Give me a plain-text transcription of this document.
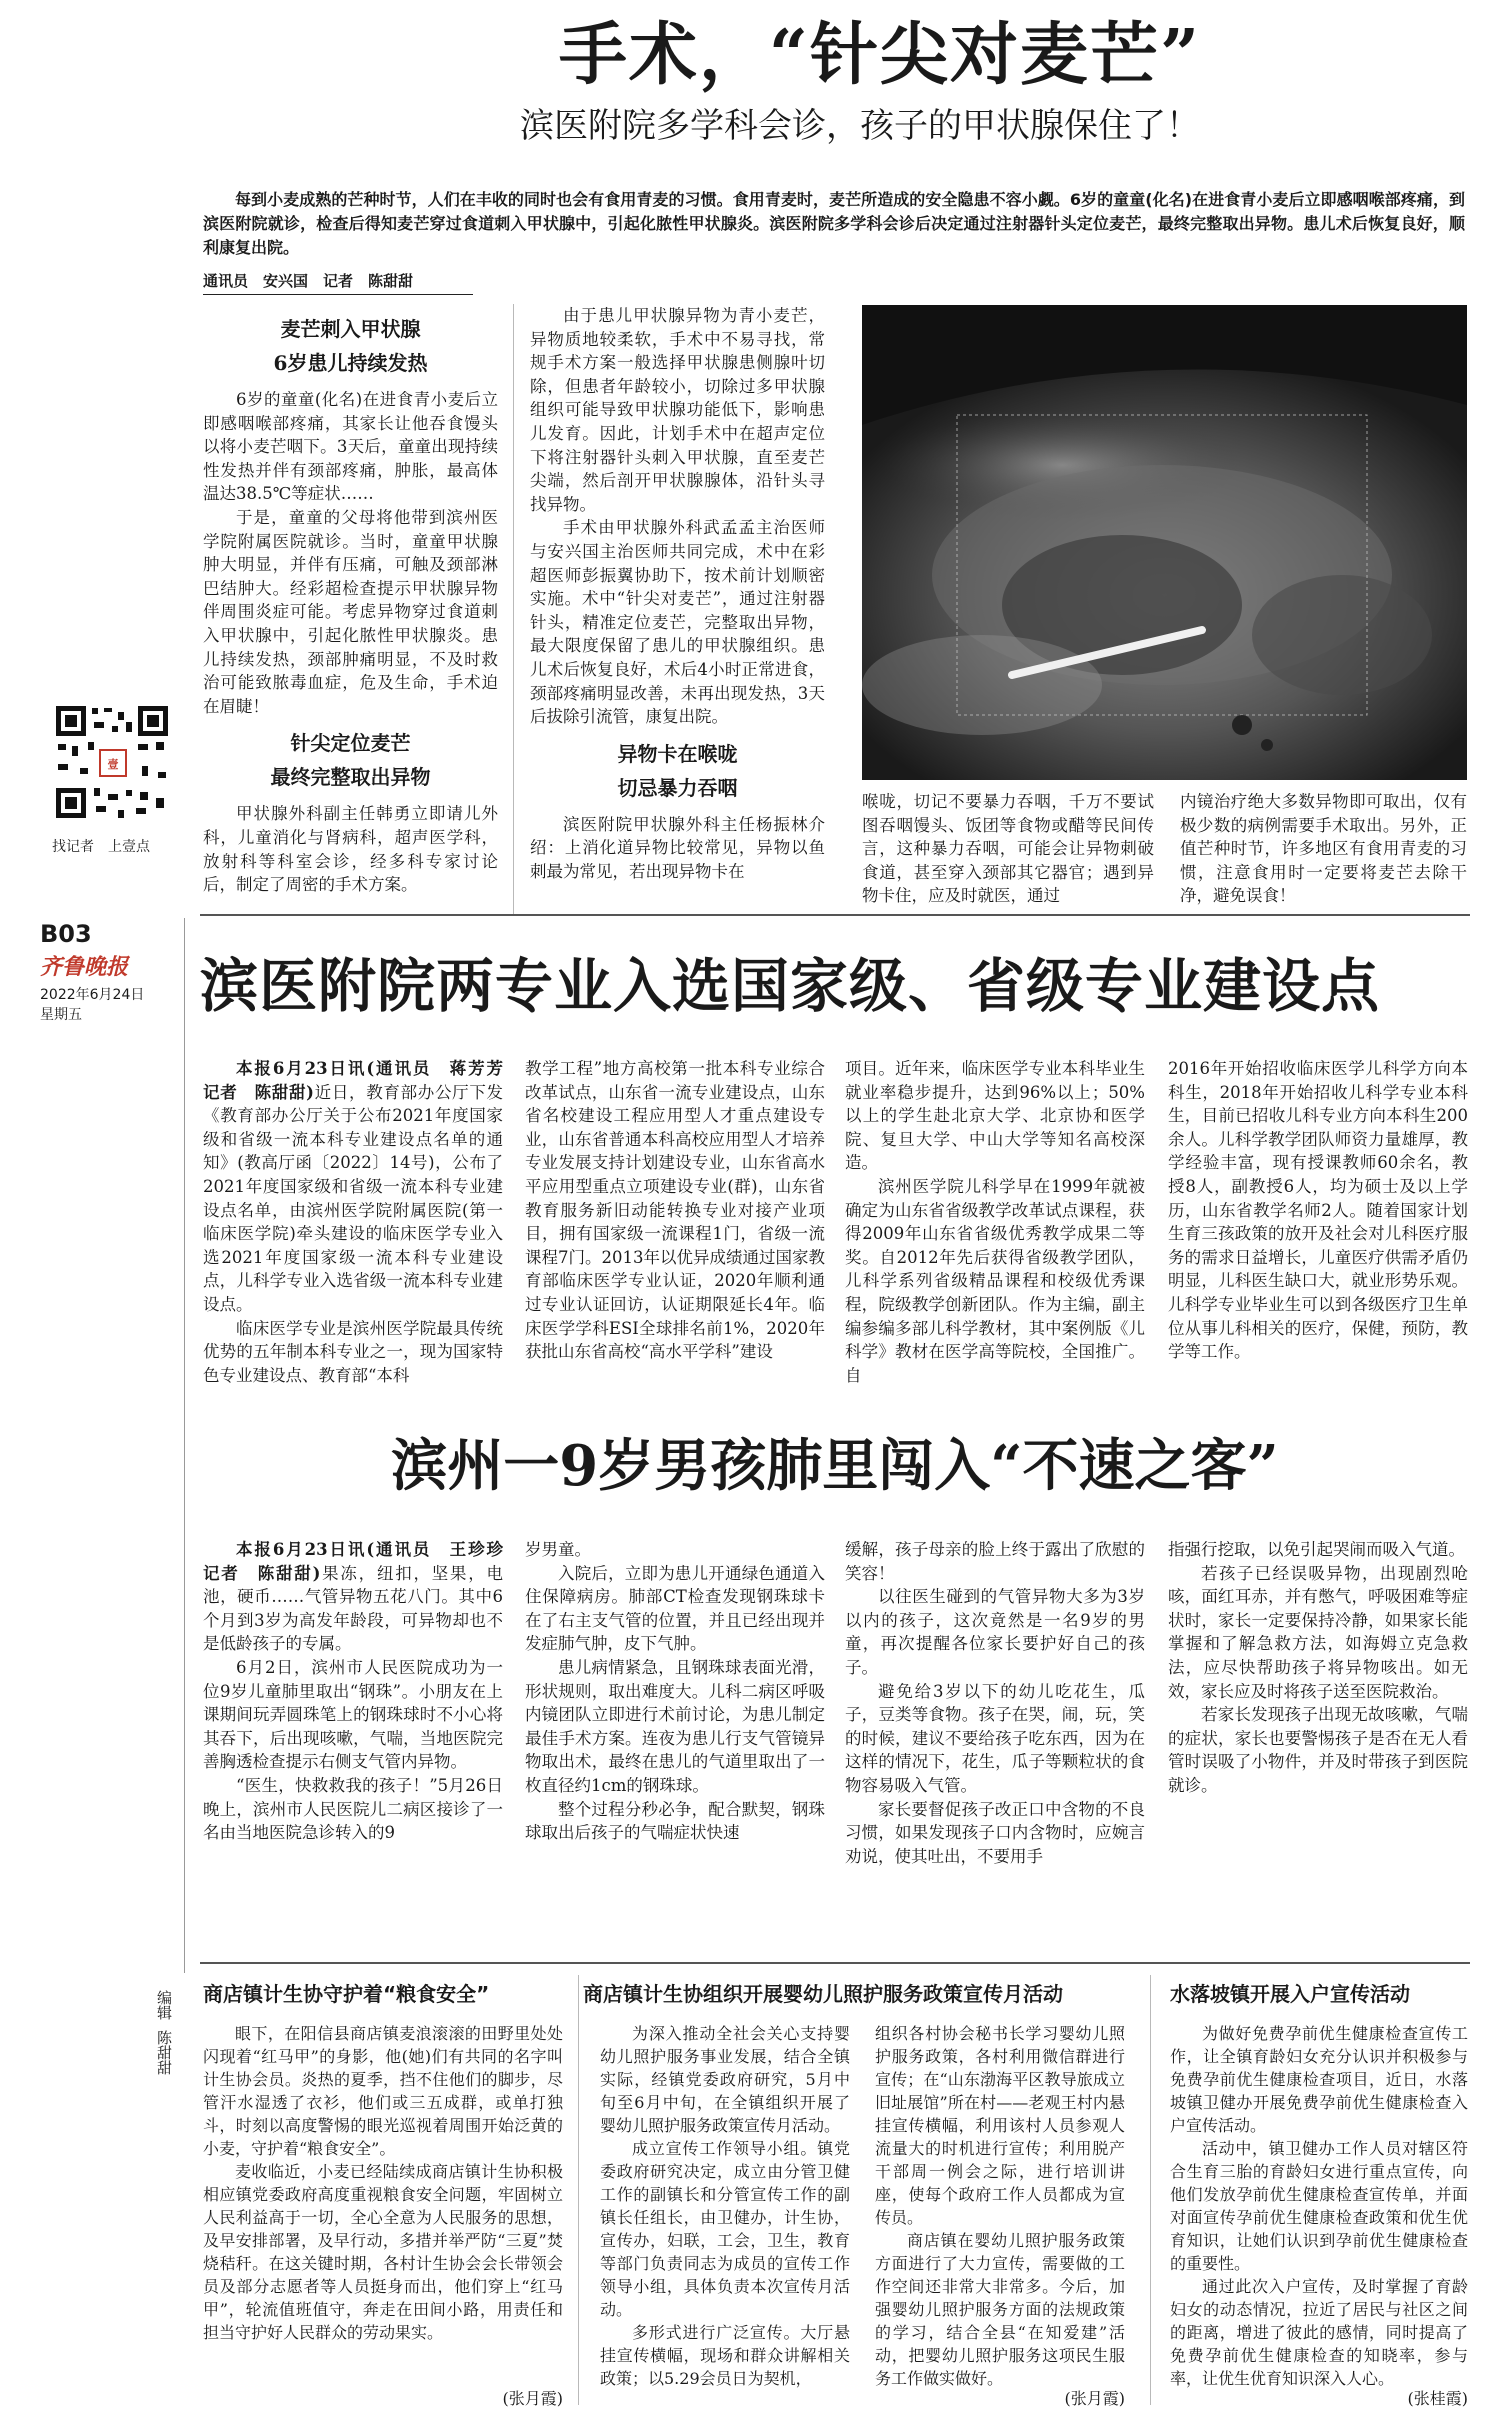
手术，“针尖对麦芒”
滨医附院多学科会诊，孩子的甲状腺保住了！

每到小麦成熟的芒种时节，人们在丰收的同时也会有食用青麦的习惯。食用青麦时，麦芒所造成的安全隐患不容小觑。6岁的童童(化名)在进食青小麦后立即感咽喉部疼痛，到滨医附院就诊，检查后得知麦芒穿过食道刺入甲状腺中，引起化脓性甲状腺炎。滨医附院多学科会诊后决定通过注射器针头定位麦芒，最终完整取出异物。患儿术后恢复良好，顺利康复出院。

通讯员　安兴国　记者　陈甜甜
麦芒刺入甲状腺
6岁患儿持续发热

6岁的童童(化名)在进食青小麦后立即感咽喉部疼痛，其家长让他吞食馒头以将小麦芒咽下。3天后，童童出现持续性发热并伴有颈部疼痛，肿胀，最高体温达38.5℃等症状……

于是，童童的父母将他带到滨州医学院附属医院就诊。当时，童童甲状腺肿大明显，并伴有压痛，可触及颈部淋巴结肿大。经彩超检查提示甲状腺异物伴周围炎症可能。考虑异物穿过食道刺入甲状腺中，引起化脓性甲状腺炎。患儿持续发热，颈部肿痛明显，不及时救治可能致脓毒血症，危及生命，手术迫在眉睫！

针尖定位麦芒
最终完整取出异物

甲状腺外科副主任韩勇立即请儿外科，儿童消化与肾病科，超声医学科，放射科等科室会诊，经多科专家讨论后，制定了周密的手术方案。

由于患儿甲状腺异物为青小麦芒，异物质地较柔软，手术中不易寻找，常规手术方案一般选择甲状腺患侧腺叶切除，但患者年龄较小，切除过多甲状腺组织可能导致甲状腺功能低下，影响患儿发育。因此，计划手术中在超声定位下将注射器针头刺入甲状腺，直至麦芒尖端，然后剖开甲状腺腺体，沿针头寻找异物。

手术由甲状腺外科武孟孟主治医师与安兴国主治医师共同完成，术中在彩超医师彭振翼协助下，按术前计划顺密实施。术中“针尖对麦芒”，通过注射器针头，精准定位麦芒，完整取出异物，最大限度保留了患儿的甲状腺组织。患儿术后恢复良好，术后4小时正常进食，颈部疼痛明显改善，未再出现发热，3天后拔除引流管，康复出院。

异物卡在喉咙
切忌暴力吞咽

滨医附院甲状腺外科主任杨振林介绍：上消化道异物比较常见，异物以鱼刺最为常见，若出现异物卡在

喉咙，切记不要暴力吞咽，千万不要试图吞咽馒头、饭团等食物或醋等民间传言，这种暴力吞咽，可能会让异物刺破食道，甚至穿入颈部其它器官；遇到异物卡住，应及时就医，通过
内镜治疗绝大多数异物即可取出，仅有极少数的病例需要手术取出。另外，正值芒种时节，许多地区有食用青麦的习惯，注意食用时一定要将麦芒去除干净，避免误食！
壹
找记者　上壹点
B03
齐鲁晚报
2022年6月24日
星期五 滨医附院两专业入选国家级、省级专业建设点

本报6月23日讯(通讯员　蒋芳芳　记者　陈甜甜)近日，教育部办公厅下发《教育部办公厅关于公布2021年度国家级和省级一流本科专业建设点名单的通知》(教高厅函〔2022〕14号)，公布了2021年度国家级和省级一流本科专业建设点名单，由滨州医学院附属医院(第一临床医学院)牵头建设的临床医学专业入选2021年度国家级一流本科专业建设点，儿科学专业入选省级一流本科专业建设点。

临床医学专业是滨州医学院最具传统优势的五年制本科专业之一，现为国家特色专业建设点、教育部“本科

教学工程”地方高校第一批本科专业综合改革试点，山东省一流专业建设点，山东省名校建设工程应用型人才重点建设专业，山东省普通本科高校应用型人才培养专业发展支持计划建设专业，山东省高水平应用型重点立项建设专业(群)，山东省教育服务新旧动能转换专业对接产业项目，拥有国家级一流课程1门，省级一流课程7门。2013年以优异成绩通过国家教育部临床医学专业认证，2020年顺利通过专业认证回访，认证期限延长4年。临床医学学科ESI全球排名前1%，2020年获批山东省高校“高水平学科”建设

项目。近年来，临床医学专业本科毕业生就业率稳步提升，达到96%以上；50%以上的学生赴北京大学、北京协和医学院、复旦大学、中山大学等知名高校深造。

滨州医学院儿科学早在1999年就被确定为山东省省级教学改革试点课程，获得2009年山东省省级优秀教学成果二等奖。自2012年先后获得省级教学团队，儿科学系列省级精品课程和校级优秀课程，院级教学创新团队。作为主编，副主编参编多部儿科学教材，其中案例版《儿科学》教材在医学高等院校，全国推广。自

2016年开始招收临床医学儿科学方向本科生，2018年开始招收儿科学专业本科生，目前已招收儿科专业方向本科生200余人。儿科学教学团队师资力量雄厚，教学经验丰富，现有授课教师60余名，教授8人，副教授6人，均为硕士及以上学历，山东省教学名师2人。随着国家计划生育三孩政策的放开及社会对儿科医疗服务的需求日益增长，儿童医疗供需矛盾仍明显，儿科医生缺口大，就业形势乐观。儿科学专业毕业生可以到各级医疗卫生单位从事儿科相关的医疗，保健，预防，教学等工作。
滨州一9岁男孩肺里闯入“不速之客”

本报6月23日讯(通讯员　王珍珍　记者　陈甜甜)果冻，纽扣，坚果，电池，硬币……气管异物五花八门。其中6个月到3岁为高发年龄段，可异物却也不是低龄孩子的专属。

6月2日，滨州市人民医院成功为一位9岁儿童肺里取出“钢珠”。小朋友在上课期间玩弄圆珠笔上的钢珠球时不小心将其吞下，后出现咳嗽，气喘，当地医院完善胸透检查提示右侧支气管内异物。

“医生，快救救我的孩子！”5月26日晚上，滨州市人民医院儿二病区接诊了一名由当地医院急诊转入的9

岁男童。

入院后，立即为患儿开通绿色通道入住保障病房。肺部CT检查发现钢珠球卡在了右主支气管的位置，并且已经出现并发症肺气肿，皮下气肿。

患儿病情紧急，且钢珠球表面光滑，形状规则，取出难度大。儿科二病区呼吸内镜团队立即进行术前讨论，为患儿制定最佳手术方案。连夜为患儿行支气管镜异物取出术，最终在患儿的气道里取出了一枚直径约1cm的钢珠球。

整个过程分秒必争，配合默契，钢珠球取出后孩子的气喘症状快速

缓解，孩子母亲的脸上终于露出了欣慰的笑容！

以往医生碰到的气管异物大多为3岁以内的孩子，这次竟然是一名9岁的男童，再次提醒各位家长要护好自己的孩子。

避免给3岁以下的幼儿吃花生，瓜子，豆类等食物。孩子在哭，闹，玩，笑的时候，建议不要给孩子吃东西，因为在这样的情况下，花生，瓜子等颗粒状的食物容易吸入气管。

家长要督促孩子改正口中含物的不良习惯，如果发现孩子口内含物时，应婉言劝说，使其吐出，不要用手

指强行挖取，以免引起哭闹而吸入气道。

若孩子已经误吸异物，出现剧烈呛咳，面红耳赤，并有憋气，呼吸困难等症状时，家长一定要保持冷静，如果家长能掌握和了解急救方法，如海姆立克急救法，应尽快帮助孩子将异物咳出。如无效，家长应及时将孩子送至医院救治。

若家长发现孩子出现无故咳嗽，气喘的症状，家长也要警惕孩子是否在无人看管时误吸了小物件，并及时带孩子到医院就诊。

编辑
陈甜甜
商店镇计生协守护着“粮食安全”

眼下，在阳信县商店镇麦浪滚滚的田野里处处闪现着“红马甲”的身影，他(她)们有共同的名字叫计生协会员。炎热的夏季，挡不住他们的脚步，尽管汗水湿透了衣衫，他们或三五成群，或单打独斗，时刻以高度警惕的眼光巡视着周围开始泛黄的小麦，守护着“粮食安全”。

麦收临近，小麦已经陆续成商店镇计生协积极相应镇党委政府高度重视粮食安全问题，牢固树立人民利益高于一切，全心全意为人民服务的思想，及早安排部署，及早行动，多措并举严防“三夏”焚烧秸秆。在这关键时期，各村计生协会会长带领会员及部分志愿者等人员挺身而出，他们穿上“红马甲”，轮流值班值守，奔走在田间小路，用责任和担当守护好人民群众的劳动果实。

(张月霞)
商店镇计生协组织开展婴幼儿照护服务政策宣传月活动

为深入推动全社会关心支持婴幼儿照护服务事业发展，结合全镇实际，经镇党委政府研究，5月中旬至6月中旬，在全镇组织开展了婴幼儿照护服务政策宣传月活动。

成立宣传工作领导小组。镇党委政府研究决定，成立由分管卫健工作的副镇长和分管宣传工作的副镇长任组长，由卫健办，计生协，宣传办，妇联，工会，卫生，教育等部门负责同志为成员的宣传工作领导小组，具体负责本次宣传月活动。

多形式进行广泛宣传。大厅悬挂宣传横幅，现场和群众讲解相关政策；以5.29会员日为契机，

组织各村协会秘书长学习婴幼儿照护服务政策，各村利用微信群进行宣传；在“山东渤海平区教导旅成立旧址展馆”所在村——老观王村内悬挂宣传横幅，利用该村人员参观人流量大的时机进行宣传；利用脱产干部周一例会之际，进行培训讲座，使每个政府工作人员都成为宣传员。

商店镇在婴幼儿照护服务政策方面进行了大力宣传，需要做的工作空间还非常大非常多。今后，加强婴幼儿照护服务方面的法规政策的学习，结合全县“在知爱建”活动，把婴幼儿照护服务这项民生服务工作做实做好。

(张月霞)
水落坡镇开展入户宣传活动

为做好免费孕前优生健康检查宣传工作，让全镇育龄妇女充分认识并积极参与免费孕前优生健康检查项目，近日，水落坡镇卫健办开展免费孕前优生健康检查入户宣传活动。

活动中，镇卫健办工作人员对辖区符合生育三胎的育龄妇女进行重点宣传，向他们发放孕前优生健康检查宣传单，并面对面宣传孕前优生健康检查政策和优生优育知识，让她们认识到孕前优生健康检查的重要性。

通过此次入户宣传，及时掌握了育龄妇女的动态情况，拉近了居民与社区之间的距离，增进了彼此的感情，同时提高了免费孕前优生健康检查的知晓率，参与率，让优生优育知识深入人心。

(张桂霞)
